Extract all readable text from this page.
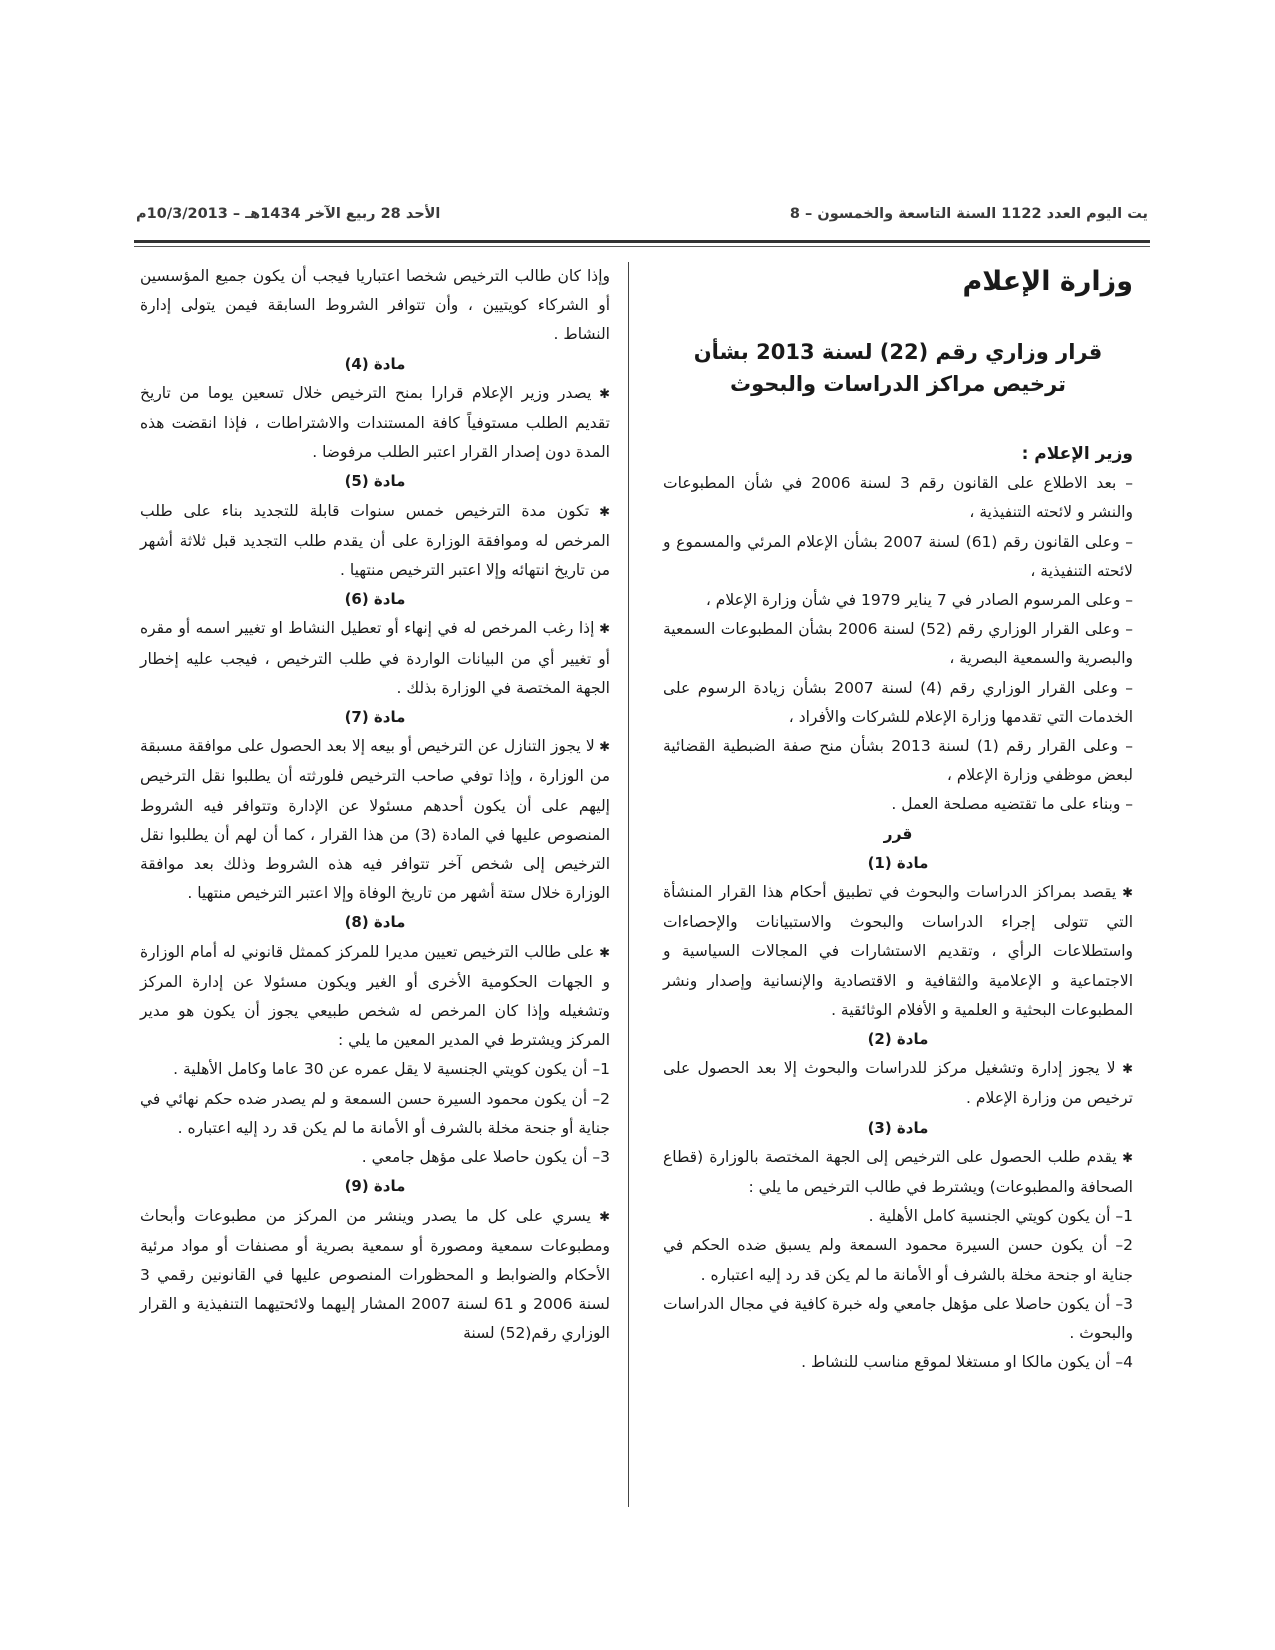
يت اليوم العدد 1122 السنة التاسعة والخمسون – 8
الأحد 28 ربيع الآخر 1434هـ – 10/3/2013م
وزارة الإعلام
قرار وزاري رقم (22) لسنة 2013 بشأن
ترخيص مراكز الدراسات والبحوث

وزير الإعلام :

– بعد الاطلاع على القانون رقم 3 لسنة 2006 في شأن المطبوعات والنشر و لائحته التنفيذية ،

– وعلى القانون رقم (61) لسنة 2007 بشأن الإعلام المرئي والمسموع و لائحته التنفيذية ،

– وعلى المرسوم الصادر في 7 يناير 1979 في شأن وزارة الإعلام ،

– وعلى القرار الوزاري رقم (52) لسنة 2006 بشأن المطبوعات السمعية والبصرية والسمعية البصرية ،

– وعلى القرار الوزاري رقم (4) لسنة 2007 بشأن زيادة الرسوم على الخدمات التي تقدمها وزارة الإعلام للشركات والأفراد ،

– وعلى القرار رقم (1) لسنة 2013 بشأن منح صفة الضبطية القضائية لبعض موظفي وزارة الإعلام ،

– وبناء على ما تقتضيه مصلحة العمل .

قرر

مادة (1)

✱ يقصد بمراكز الدراسات والبحوث في تطبيق أحكام هذا القرار المنشأة التي تتولى إجراء الدراسات والبحوث والاستبيانات والإحصاءات واستطلاعات الرأي ، وتقديم الاستشارات في المجالات السياسية و الاجتماعية و الإعلامية والثقافية و الاقتصادية والإنسانية وإصدار ونشر المطبوعات البحثية و العلمية و الأفلام الوثائقية .

مادة (2)

✱ لا يجوز إدارة وتشغيل مركز للدراسات والبحوث إلا بعد الحصول على ترخيص من وزارة الإعلام .

مادة (3)

✱ يقدم طلب الحصول على الترخيص إلى الجهة المختصة بالوزارة (قطاع الصحافة والمطبوعات) ويشترط في طالب الترخيص ما يلي :

1– أن يكون كويتي الجنسية كامل الأهلية .

2– أن يكون حسن السيرة محمود السمعة ولم يسبق ضده الحكم في جناية او جنحة مخلة بالشرف أو الأمانة ما لم يكن قد رد إليه اعتباره .

3– أن يكون حاصلا على مؤهل جامعي وله خبرة كافية في مجال الدراسات والبحوث .

4– أن يكون مالكا او مستغلا لموقع مناسب للنشاط .

وإذا كان طالب الترخيص شخصا اعتباريا فيجب أن يكون جميع المؤسسين أو الشركاء كويتيين ، وأن تتوافر الشروط السابقة فيمن يتولى إدارة النشاط .

مادة (4)

✱ يصدر وزير الإعلام قرارا بمنح الترخيص خلال تسعين يوما من تاريخ تقديم الطلب مستوفياً كافة المستندات والاشتراطات ، فإذا انقضت هذه المدة دون إصدار القرار اعتبر الطلب مرفوضا .

مادة (5)

✱ تكون مدة الترخيص خمس سنوات قابلة للتجديد بناء على طلب المرخص له وموافقة الوزارة على أن يقدم طلب التجديد قبل ثلاثة أشهر من تاريخ انتهائه وإلا اعتبر الترخيص منتهيا .

مادة (6)

✱ إذا رغب المرخص له في إنهاء أو تعطيل النشاط او تغيير اسمه أو مقره أو تغيير أي من البيانات الواردة في طلب الترخيص ، فيجب عليه إخطار الجهة المختصة في الوزارة بذلك .

مادة (7)

✱ لا يجوز التنازل عن الترخيص أو بيعه إلا بعد الحصول على موافقة مسبقة من الوزارة ، وإذا توفي صاحب الترخيص فلورثته أن يطلبوا نقل الترخيص إليهم على أن يكون أحدهم مسئولا عن الإدارة وتتوافر فيه الشروط المنصوص عليها في المادة (3) من هذا القرار ، كما أن لهم أن يطلبوا نقل الترخيص إلى شخص آخر تتوافر فيه هذه الشروط وذلك بعد موافقة الوزارة خلال ستة أشهر من تاريخ الوفاة وإلا اعتبر الترخيص منتهيا .

مادة (8)

✱ على طالب الترخيص تعيين مديرا للمركز كممثل قانوني له أمام الوزارة و الجهات الحكومية الأخرى أو الغير ويكون مسئولا عن إدارة المركز وتشغيله وإذا كان المرخص له شخص طبيعي يجوز أن يكون هو مدير المركز ويشترط في المدير المعين ما يلي :

1– أن يكون كويتي الجنسية لا يقل عمره عن 30 عاما وكامل الأهلية .

2– أن يكون محمود السيرة حسن السمعة و لم يصدر ضده حكم نهائي في جناية أو جنحة مخلة بالشرف أو الأمانة ما لم يكن قد رد إليه اعتباره .

3– أن يكون حاصلا على مؤهل جامعي .

مادة (9)

✱ يسري على كل ما يصدر وينشر من المركز من مطبوعات وأبحاث ومطبوعات سمعية ومصورة أو سمعية بصرية أو مصنفات أو مواد مرئية الأحكام والضوابط و المحظورات المنصوص عليها في القانونين رقمي 3 لسنة 2006 و 61 لسنة 2007 المشار إليهما ولائحتيهما التنفيذية و القرار الوزاري رقم(52) لسنة
